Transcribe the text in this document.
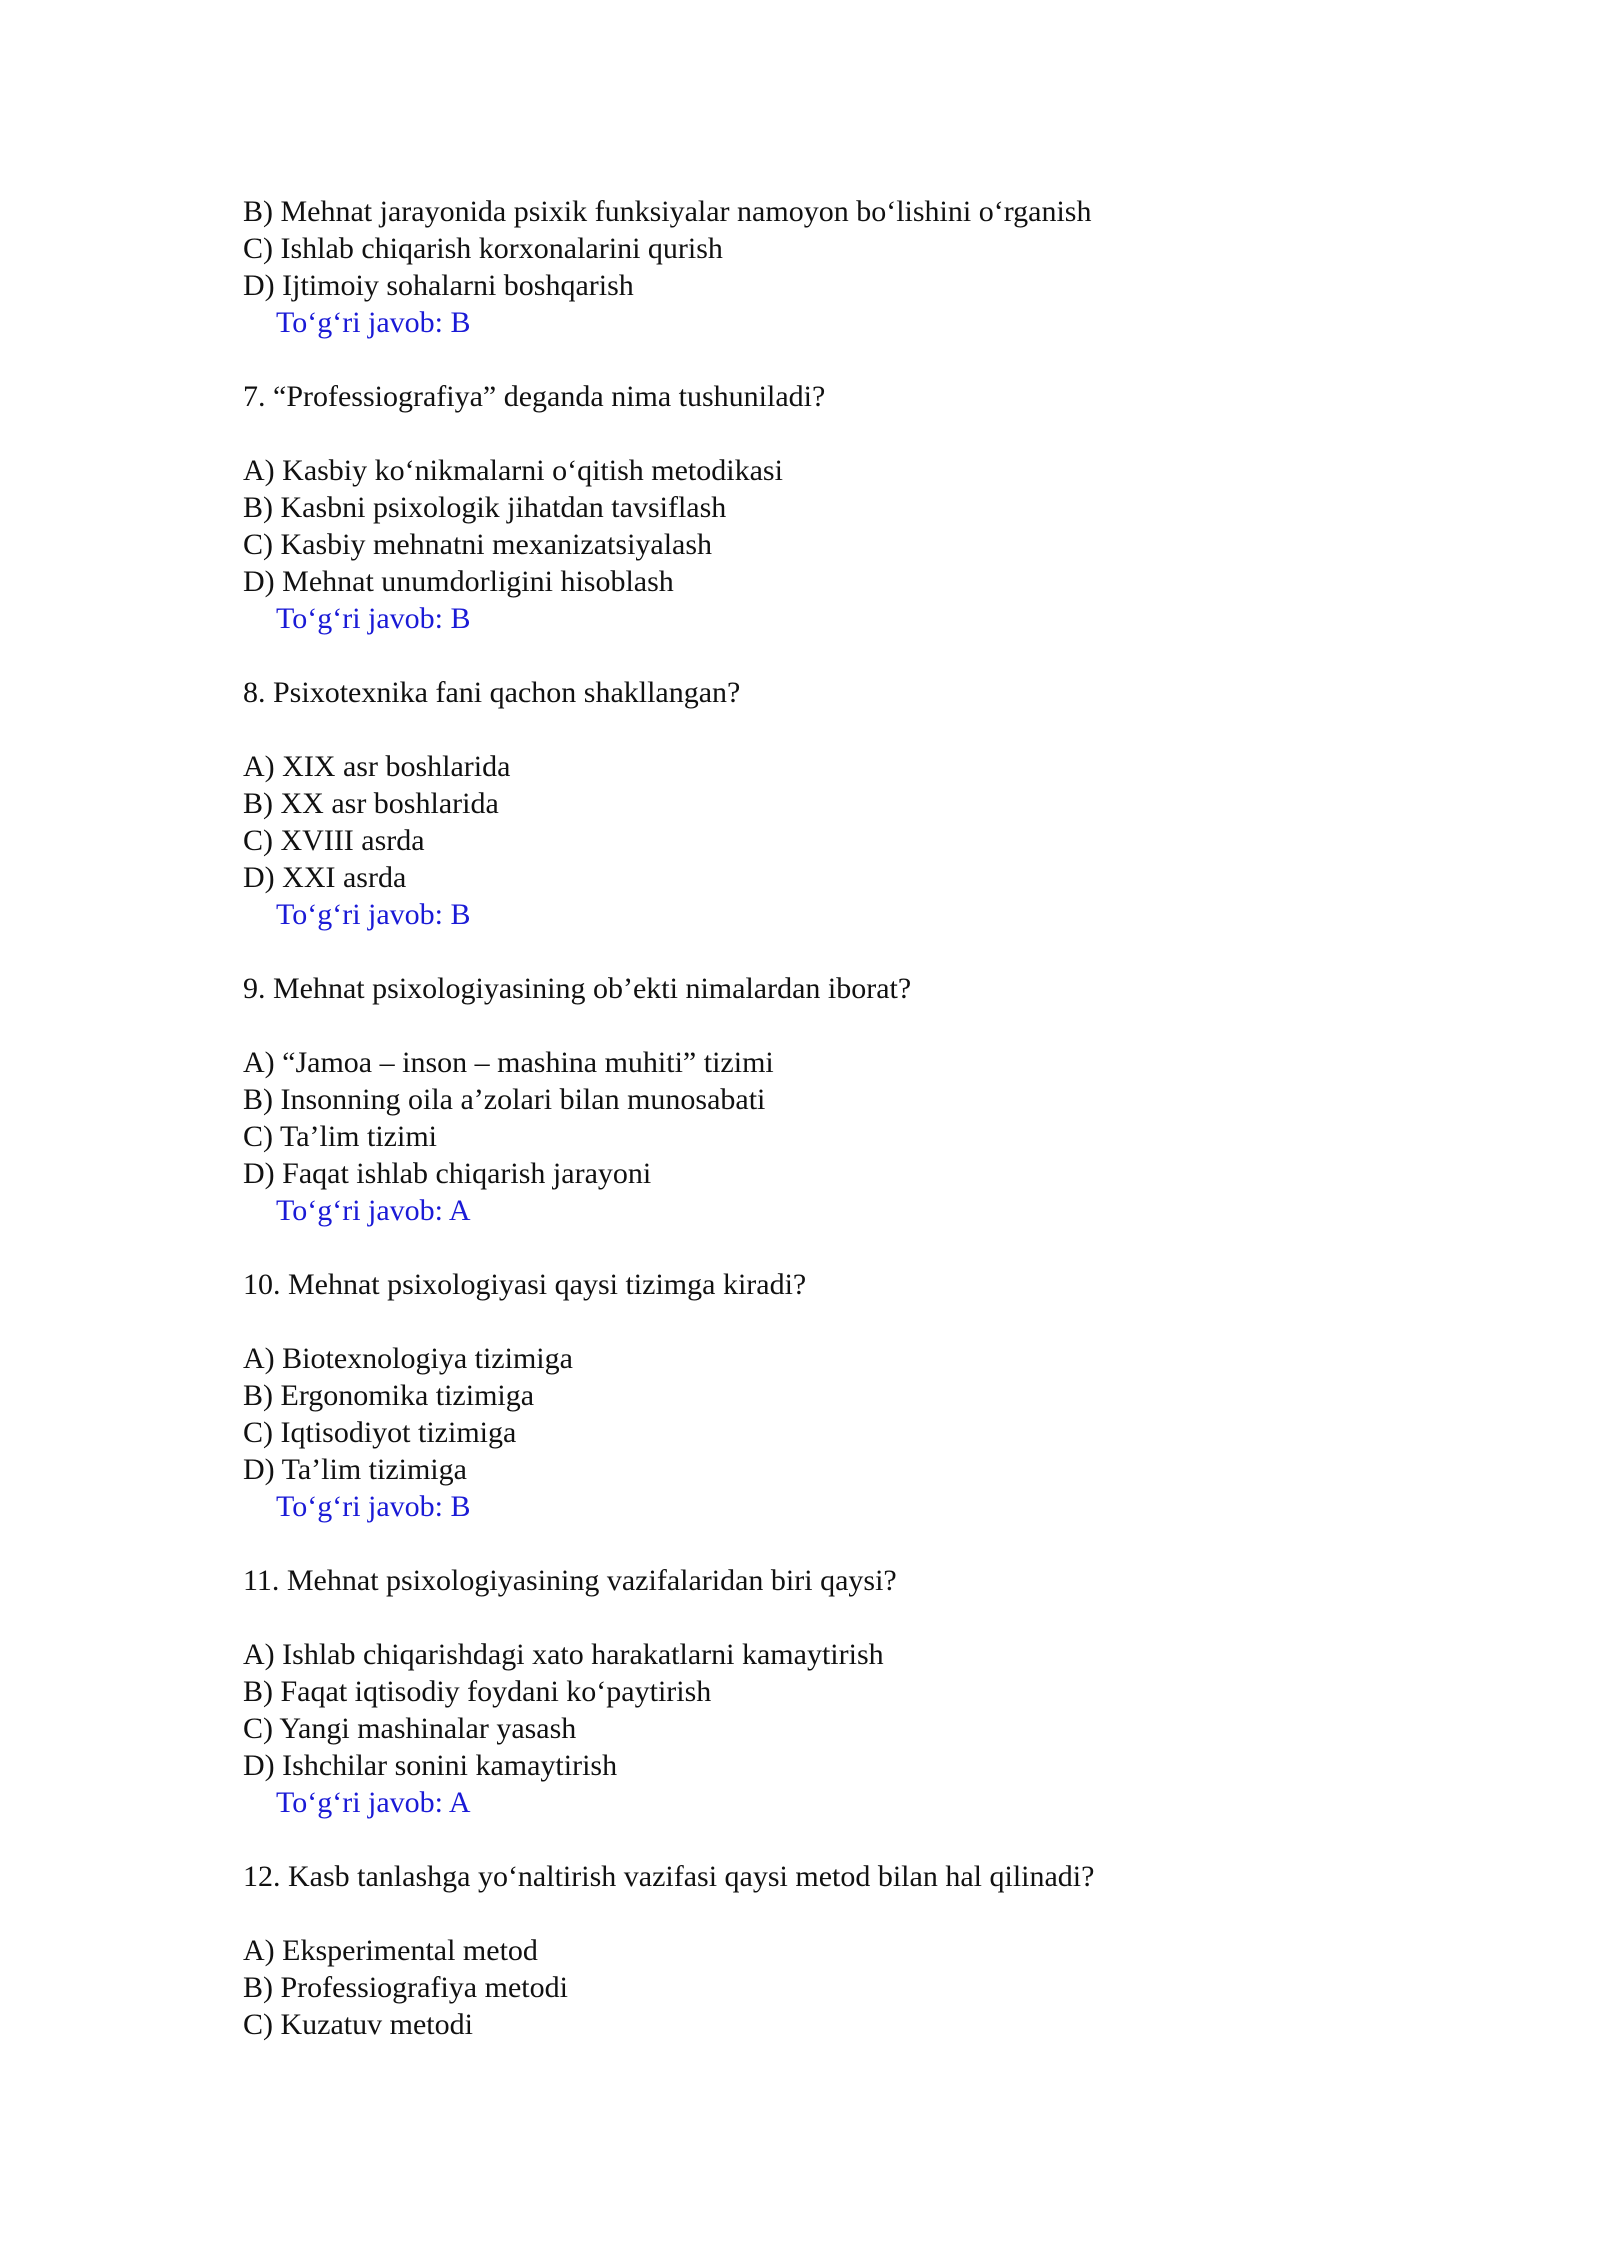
B) Mehnat jarayonida psixik funksiyalar namoyon bo‘lishini o‘rganish
C) Ishlab chiqarish korxonalarini qurish
D) Ijtimoiy sohalarni boshqarish
To‘g‘ri javob: B
7. “Professiografiya” deganda nima tushuniladi?
A) Kasbiy ko‘nikmalarni o‘qitish metodikasi
B) Kasbni psixologik jihatdan tavsiflash
C) Kasbiy mehnatni mexanizatsiyalash
D) Mehnat unumdorligini hisoblash
To‘g‘ri javob: B
8. Psixotexnika fani qachon shakllangan?
A) XIX asr boshlarida
B) XX asr boshlarida
C) XVIII asrda
D) XXI asrda
To‘g‘ri javob: B
9. Mehnat psixologiyasining ob’ekti nimalardan iborat?
A) “Jamoa – inson – mashina muhiti” tizimi
B) Insonning oila a’zolari bilan munosabati
C) Ta’lim tizimi
D) Faqat ishlab chiqarish jarayoni
To‘g‘ri javob: A
10. Mehnat psixologiyasi qaysi tizimga kiradi?
A) Biotexnologiya tizimiga
B) Ergonomika tizimiga
C) Iqtisodiyot tizimiga
D) Ta’lim tizimiga
To‘g‘ri javob: B
11. Mehnat psixologiyasining vazifalaridan biri qaysi?
A) Ishlab chiqarishdagi xato harakatlarni kamaytirish
B) Faqat iqtisodiy foydani ko‘paytirish
C) Yangi mashinalar yasash
D) Ishchilar sonini kamaytirish
To‘g‘ri javob: A
12. Kasb tanlashga yo‘naltirish vazifasi qaysi metod bilan hal qilinadi?
A) Eksperimental metod
B) Professiografiya metodi
C) Kuzatuv metodi
